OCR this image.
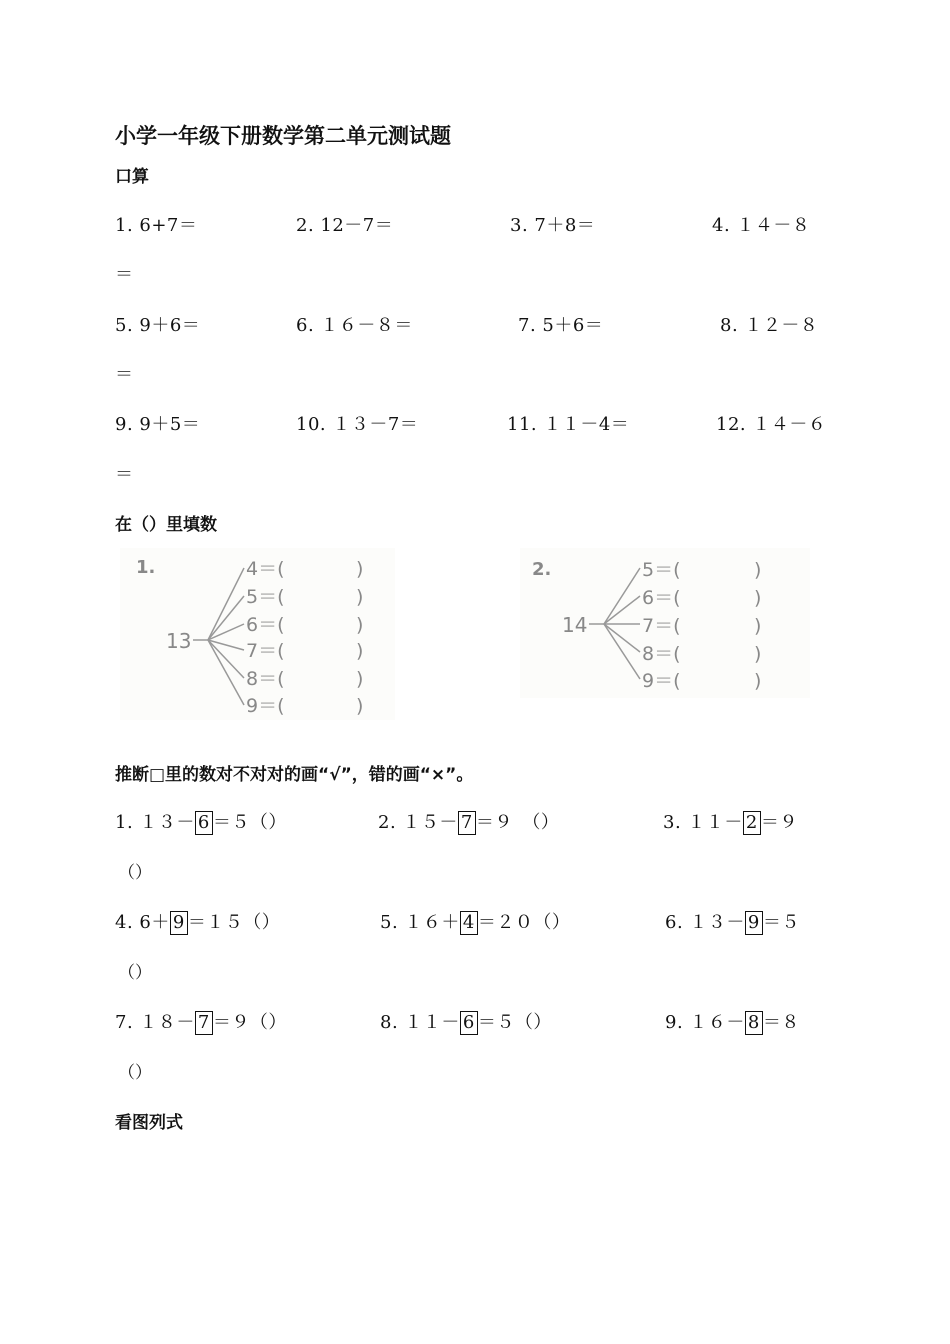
小学一年级下册数学第二单元测试题
口算
1. 6+7＝	2. 12－7＝	3. 7＋8＝	4. １４－８
＝
5. 9＋6＝	6. １６－８＝	7. 5＋6＝	8. １２－８
＝
9. 9＋5＝	10. １３－7＝	11. １１－4＝	12. １４－６
＝
在（）里填数
1.
13
4＝(
5＝(
6＝(
7＝(
8＝(
9＝(
)
)
)
)
)
)
2.
14
5＝(
6＝(
7＝(
8＝(
9＝(
)
)
)
)
)
推断□里的数对不对对的画“√”，错的画“×”。
1. １３－ 6 ＝５（）	2. １５－ 7 ＝９　（）	3. １１－ 2 ＝９
（）
4. 6＋ 9 ＝１５（）	5. １６＋ 4 ＝２０（）	6. １３－ 9 ＝５
（）
7. １８－ 7 ＝９（）	8. １１－ 6 ＝５（）	9. １６－ 8 ＝８
（）
看图列式
